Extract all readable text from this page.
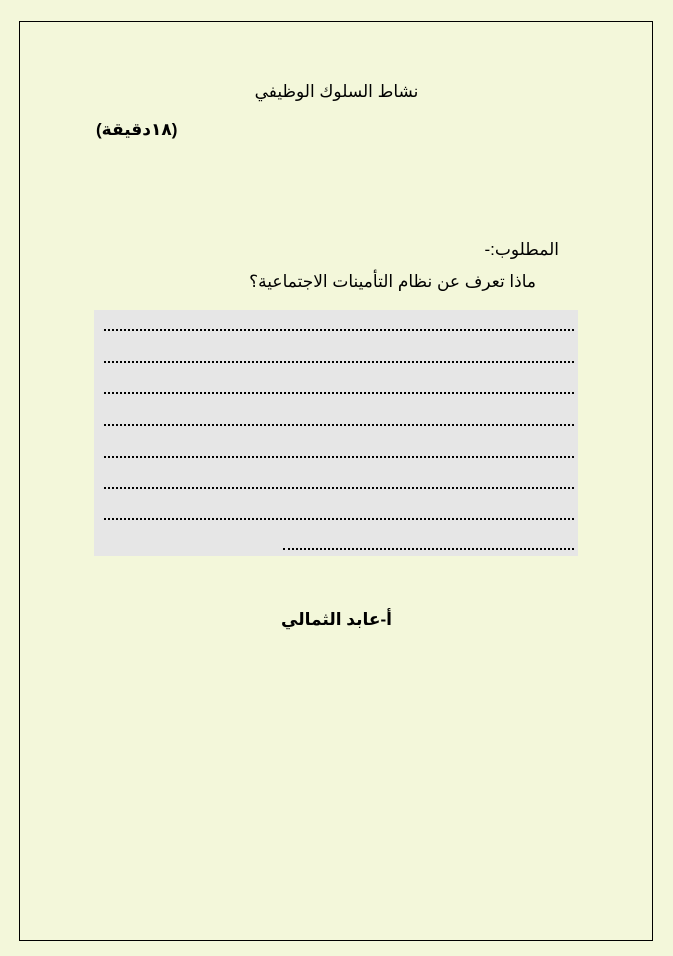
نشاط السلوك الوظيفي
(١٨دقيقة)
- المطلوب:
ماذا تعرف عن نظام التأمينات الاجتماعية؟
أ-عابد الثمالي
